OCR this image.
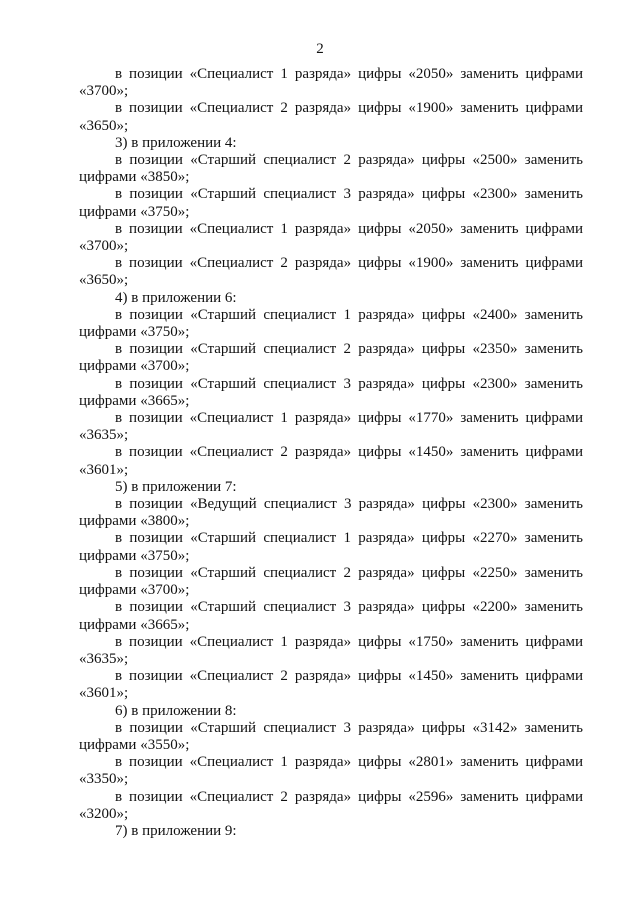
2

в позиции «Специалист 1 разряда» цифры «2050» заменить цифрами «3700»;

в позиции «Специалист 2 разряда» цифры «1900» заменить цифрами «3650»;

3) в приложении 4:

в позиции «Старший специалист 2 разряда» цифры «2500» заменить цифрами «3850»;

в позиции «Старший специалист 3 разряда» цифры «2300» заменить цифрами «3750»;

в позиции «Специалист 1 разряда» цифры «2050» заменить цифрами «3700»;

в позиции «Специалист 2 разряда» цифры «1900» заменить цифрами «3650»;

4) в приложении 6:

в позиции «Старший специалист 1 разряда» цифры «2400» заменить цифрами «3750»;

в позиции «Старший специалист 2 разряда» цифры «2350» заменить цифрами «3700»;

в позиции «Старший специалист 3 разряда» цифры «2300» заменить цифрами «3665»;

в позиции «Специалист 1 разряда» цифры «1770» заменить цифрами «3635»;

в позиции «Специалист 2 разряда» цифры «1450» заменить цифрами «3601»;

5) в приложении 7:

в позиции «Ведущий специалист 3 разряда» цифры «2300» заменить цифрами «3800»;

в позиции «Старший специалист 1 разряда» цифры «2270» заменить цифрами «3750»;

в позиции «Старший специалист 2 разряда» цифры «2250» заменить цифрами «3700»;

в позиции «Старший специалист 3 разряда» цифры «2200» заменить цифрами «3665»;

в позиции «Специалист 1 разряда» цифры «1750» заменить цифрами «3635»;

в позиции «Специалист 2 разряда» цифры «1450» заменить цифрами «3601»;

6) в приложении 8:

в позиции «Старший специалист 3 разряда» цифры «3142» заменить цифрами «3550»;

в позиции «Специалист 1 разряда» цифры «2801» заменить цифрами «3350»;

в позиции «Специалист 2 разряда» цифры «2596» заменить цифрами «3200»;

7) в приложении 9:
